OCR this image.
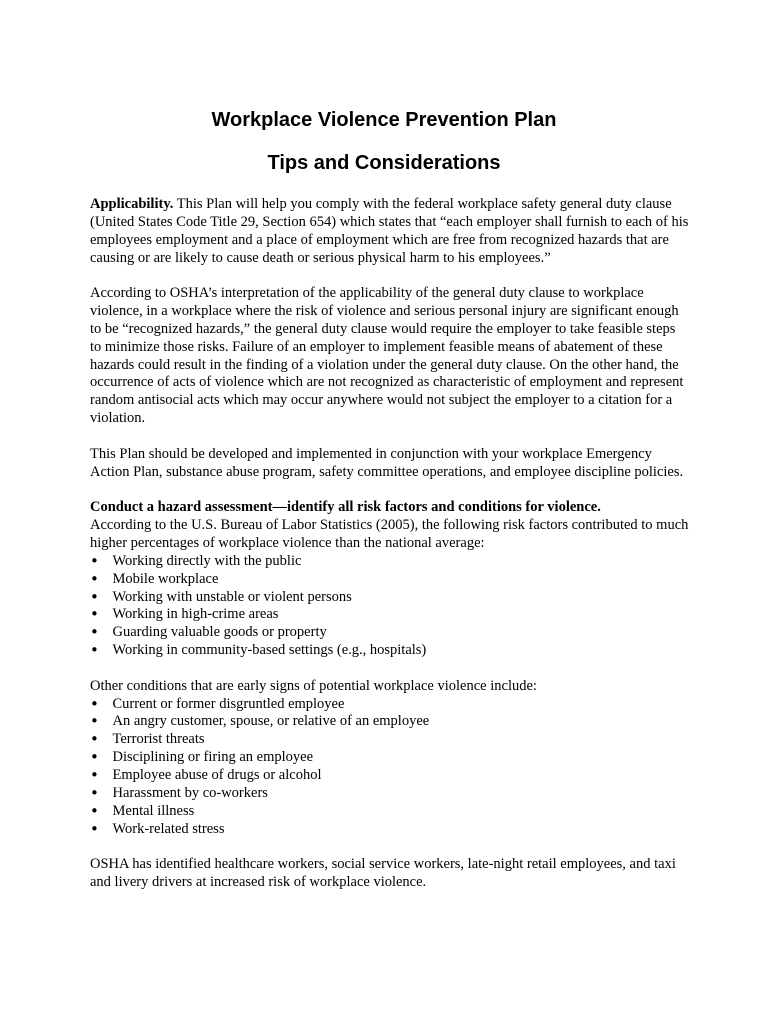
Workplace Violence Prevention Plan
Tips and Considerations

Applicability. This Plan will help you comply with the federal workplace safety general duty clause (United States Code Title 29, Section 654) which states that “each employer shall furnish to each of his employees employment and a place of employment which are free from recognized hazards that are causing or are likely to cause death or serious physical harm to his employees.”

According to OSHA’s interpretation of the applicability of the general duty clause to workplace violence, in a workplace where the risk of violence and serious personal injury are significant enough to be “recognized hazards,” the general duty clause would require the employer to take feasible steps to minimize those risks. Failure of an employer to implement feasible means of abatement of these hazards could result in the finding of a violation under the general duty clause. On the other hand, the occurrence of acts of violence which are not recognized as characteristic of employment and represent random antisocial acts which may occur anywhere would not subject the employer to a citation for a violation.

This Plan should be developed and implemented in conjunction with your workplace Emergency Action Plan, substance abuse program, safety committee operations, and employee discipline policies.

Conduct a hazard assessment—identify all risk factors and conditions for violence.
According to the U.S. Bureau of Labor Statistics (2005), the following risk factors contributed to much higher percentages of workplace violence than the national average:

• Working directly with the public
• Mobile workplace
• Working with unstable or violent persons
• Working in high-crime areas
• Guarding valuable goods or property
• Working in community-based settings (e.g., hospitals)

Other conditions that are early signs of potential workplace violence include:

• Current or former disgruntled employee
• An angry customer, spouse, or relative of an employee
• Terrorist threats
• Disciplining or firing an employee
• Employee abuse of drugs or alcohol
• Harassment by co-workers
• Mental illness
• Work-related stress

OSHA has identified healthcare workers, social service workers, late-night retail employees, and taxi and livery drivers at increased risk of workplace violence.
